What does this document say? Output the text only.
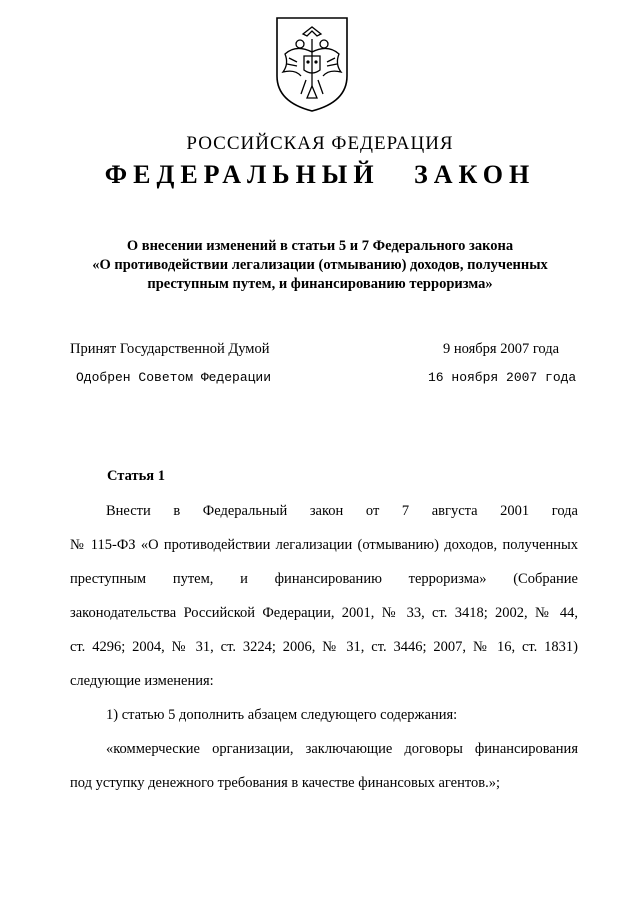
РОССИЙСКАЯ ФЕДЕРАЦИЯ
ФЕДЕРАЛЬНЫЙ ЗАКОН
О внесении изменений в статьи 5 и 7 Федерального закона
«О противодействии легализации (отмыванию) доходов, полученных
преступным путем, и финансированию терроризма»
Принят Государственной Думой	9 ноября 2007 года
Одобрен Советом Федерации	16 ноября 2007 года
Статья 1
Внести в Федеральный закон от 7 августа 2001 года
№ 115-ФЗ «О противодействии легализации (отмыванию) доходов, полученных
преступным путем, и финансированию терроризма» (Собрание
законодательства Российской Федерации, 2001, № 33, ст. 3418; 2002, № 44,
ст. 4296; 2004, № 31, ст. 3224; 2006, № 31, ст. 3446; 2007, № 16, ст. 1831)
следующие изменения:
1) статью 5 дополнить абзацем следующего содержания:
«коммерческие организации, заключающие договоры финансирования
под уступку денежного требования в качестве финансовых агентов.»;
